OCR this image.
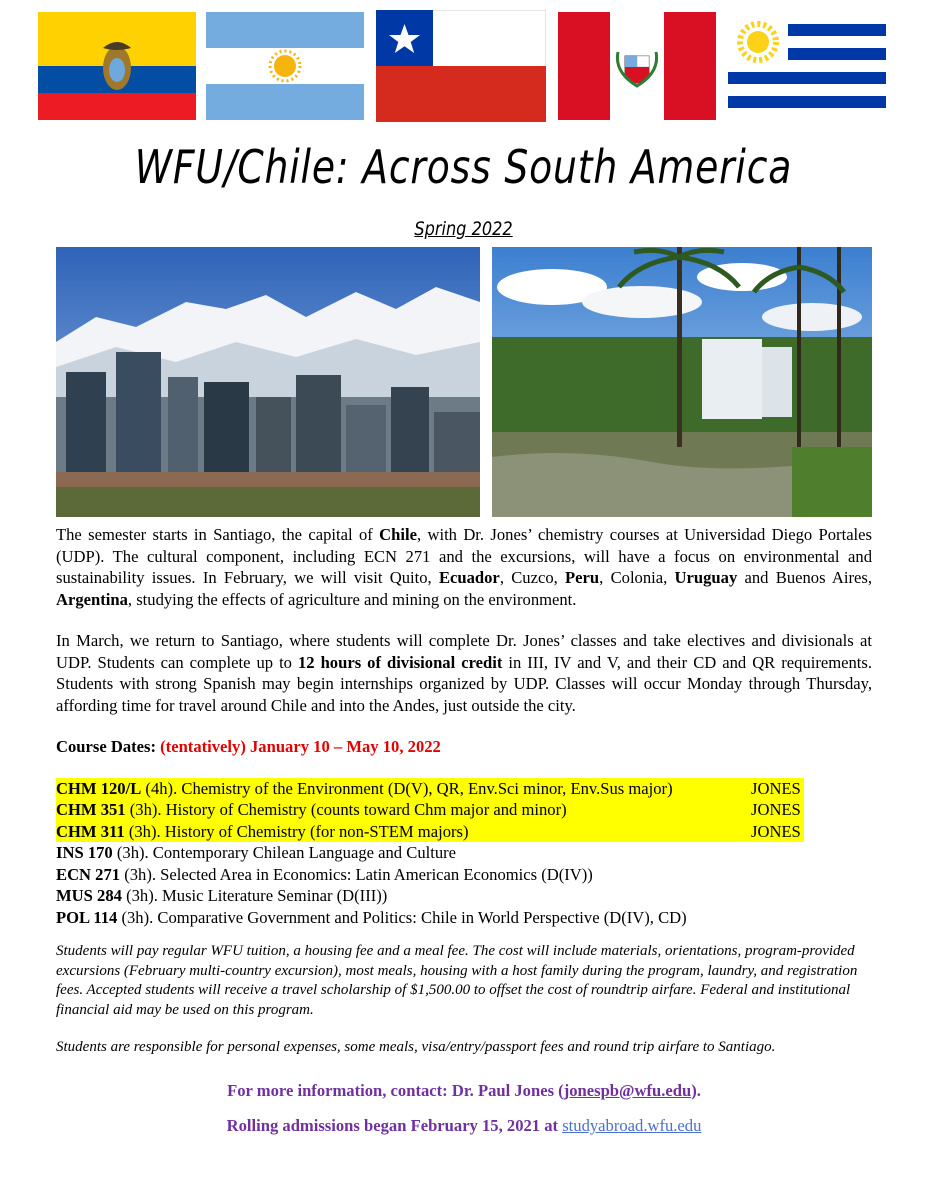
WFU/Chile: Across South America
Spring 2022

The semester starts in Santiago, the capital of Chile, with Dr. Jones’ chemistry courses at Universidad Diego Portales (UDP). The cultural component, including ECN 271 and the excursions, will have a focus on environmental and sustainability issues. In February, we will visit Quito, Ecuador, Cuzco, Peru, Colonia, Uruguay and Buenos Aires, Argentina, studying the effects of agriculture and mining on the environment.

In March, we return to Santiago, where students will complete Dr. Jones’ classes and take electives and divisionals at UDP. Students can complete up to 12 hours of divisional credit in III, IV and V, and their CD and QR requirements. Students with strong Spanish may begin internships organized by UDP. Classes will occur Monday through Thursday, affording time for travel around Chile and into the Andes, just outside the city.

Course Dates: (tentatively) January 10 – May 10, 2022

CHM 120/L (4h). Chemistry of the Environment (D(V), QR, Env.Sci minor, Env.Sus major)	JONES

CHM 351 (3h). History of Chemistry (counts toward Chm major and minor)	JONES

CHM 311 (3h). History of Chemistry (for non-STEM majors)	JONES

INS 170 (3h). Contemporary Chilean Language and Culture

ECN 271 (3h). Selected Area in Economics: Latin American Economics (D(IV))

MUS 284 (3h). Music Literature Seminar (D(III))

POL 114 (3h). Comparative Government and Politics: Chile in World Perspective (D(IV), CD)

Students will pay regular WFU tuition, a housing fee and a meal fee. The cost will include materials, orientations, program-provided excursions (February multi-country excursion), most meals, housing with a host family during the program, laundry, and registration fees. Accepted students will receive a travel scholarship of $1,500.00 to offset the cost of roundtrip airfare. Federal and institutional financial aid may be used on this program.

Students are responsible for personal expenses, some meals, visa/entry/passport fees and round trip airfare to Santiago.

For more information, contact: Dr. Paul Jones (jonespb@wfu.edu).

Rolling admissions began February 15, 2021 at studyabroad.wfu.edu
